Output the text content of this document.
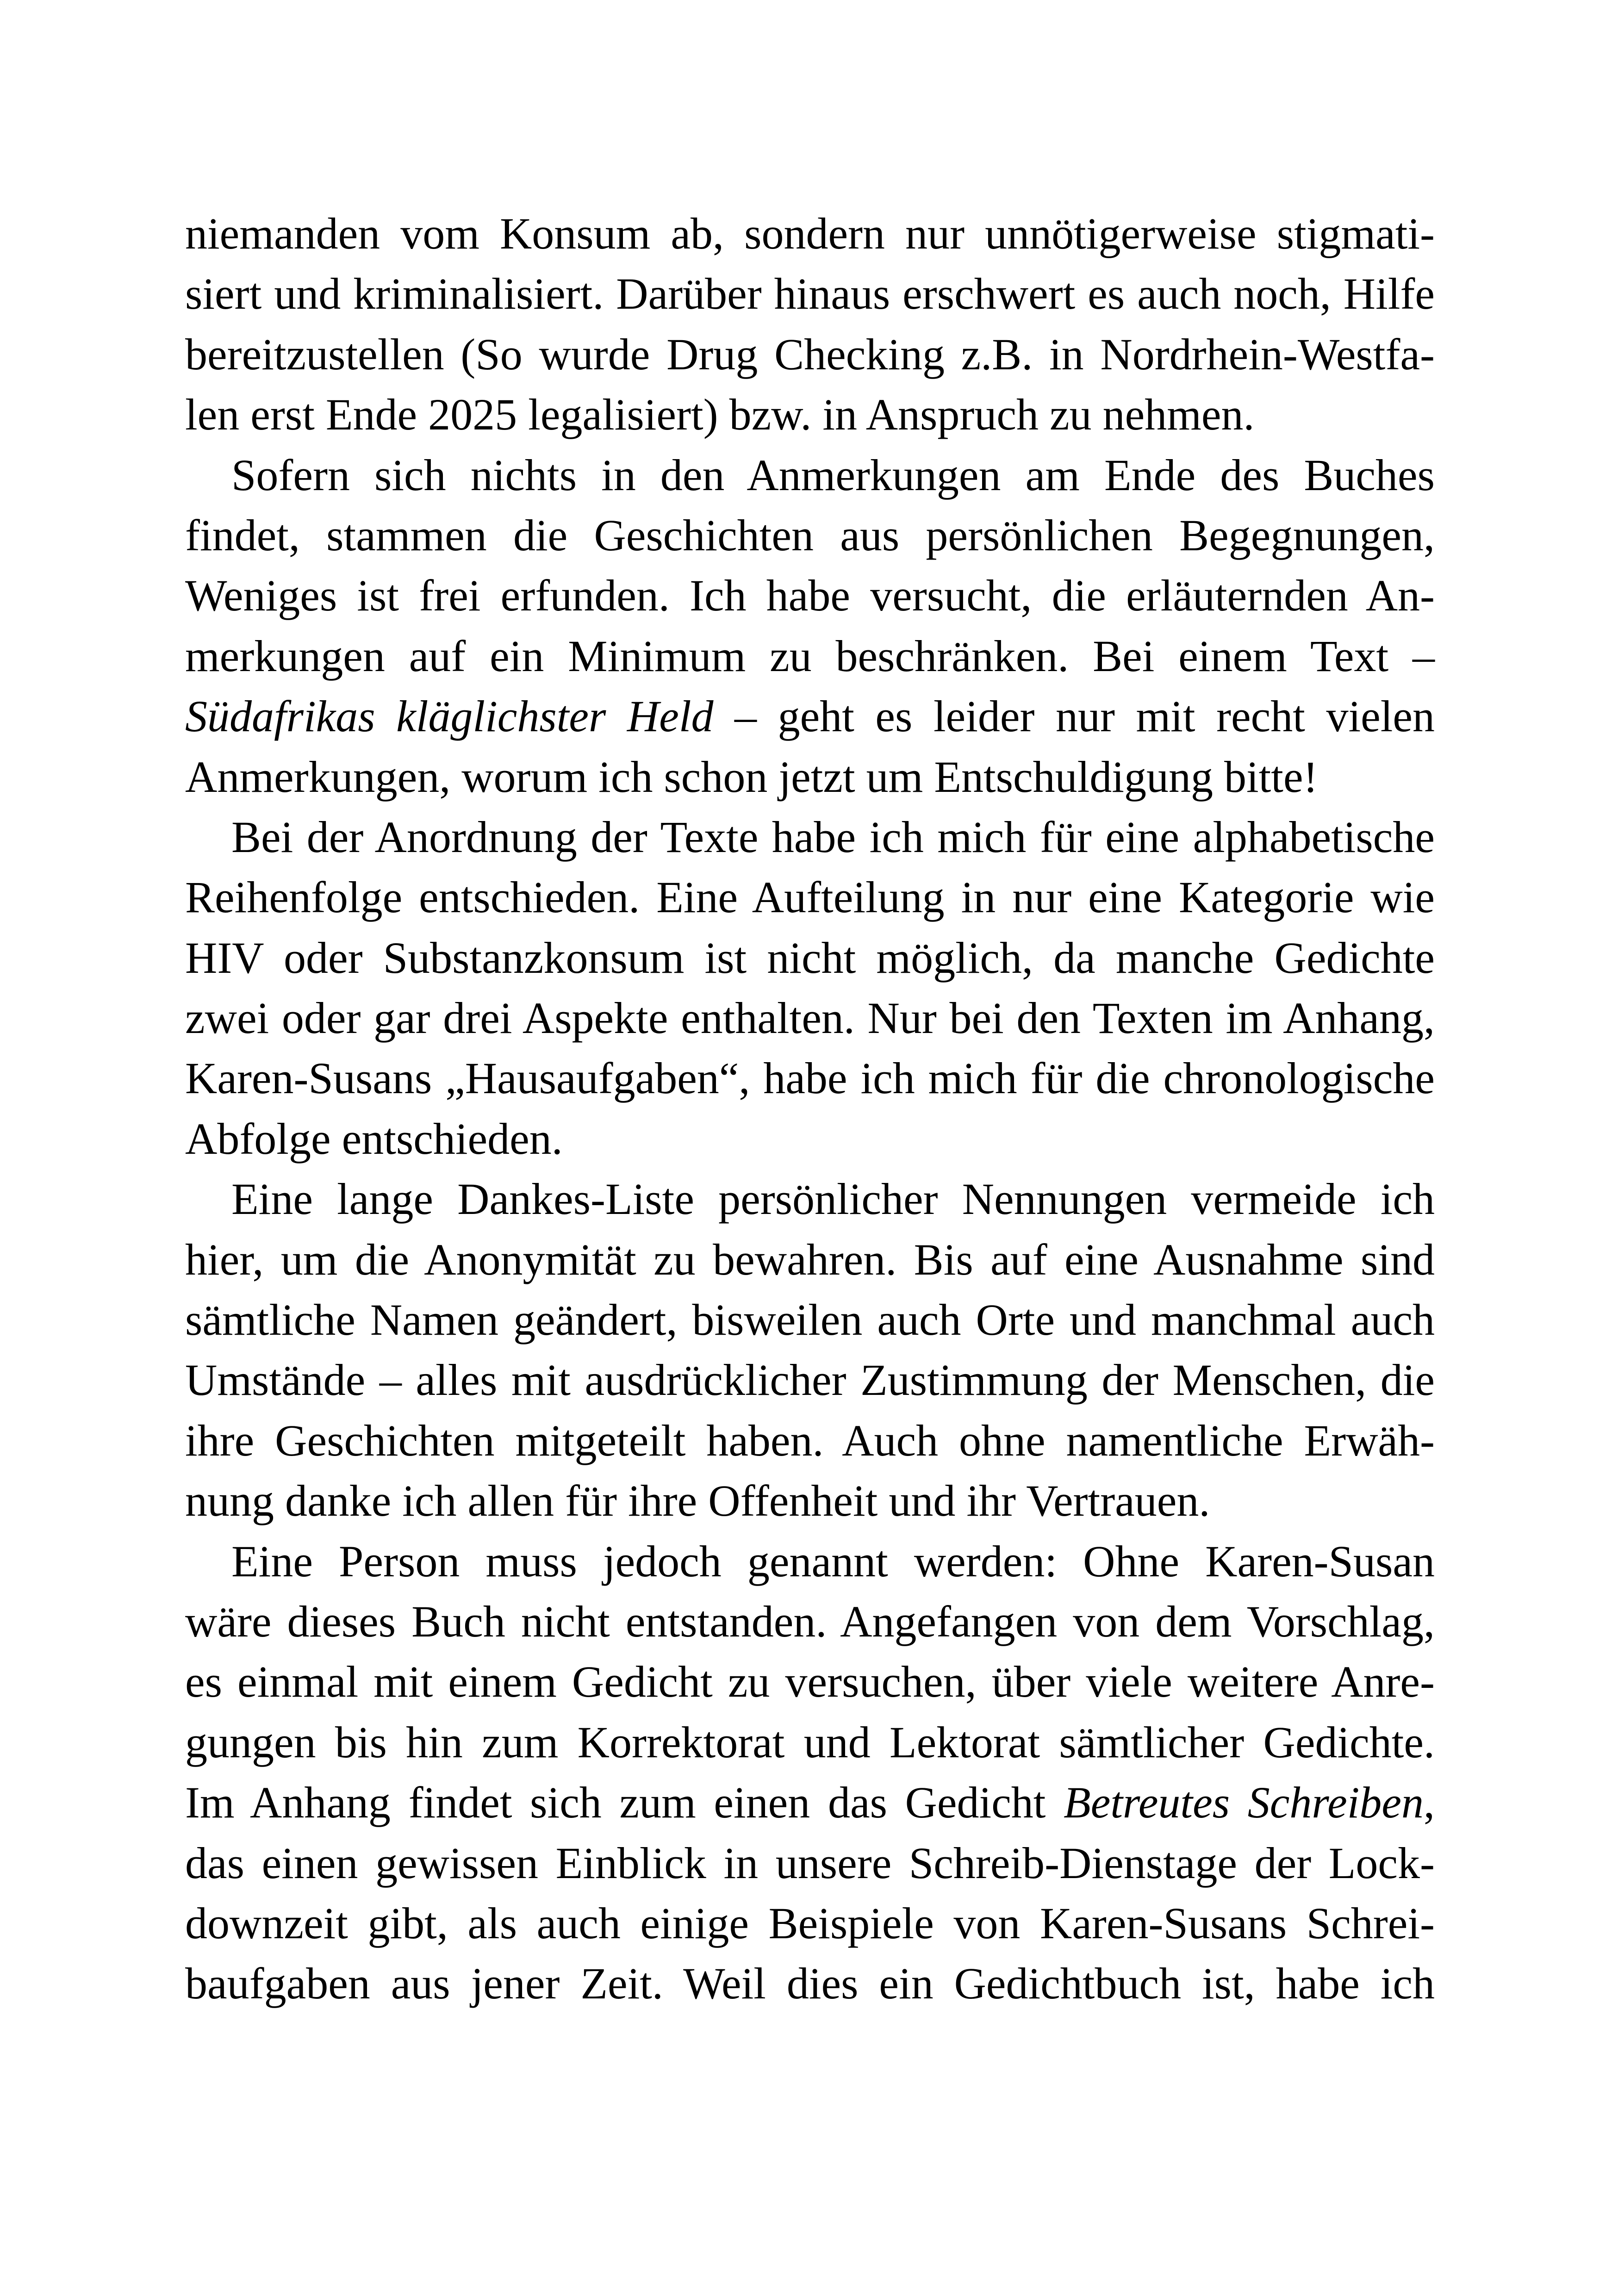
niemanden vom Konsum ab, sondern nur unnötigerweise stigmati-
siert und kriminalisiert. Darüber hinaus erschwert es auch noch, Hilfe
bereitzustellen (So wurde Drug Checking z.B. in Nordrhein-Westfa-
len erst Ende 2025 legalisiert) bzw. in Anspruch zu nehmen.
Sofern sich nichts in den Anmerkungen am Ende des Buches
findet, stammen die Geschichten aus persönlichen Begegnungen,
Weniges ist frei erfunden. Ich habe versucht, die erläuternden An-
merkungen auf ein Minimum zu beschränken. Bei einem Text –
Südafrikas kläglichster Held – geht es leider nur mit recht vielen
Anmerkungen, worum ich schon jetzt um Entschuldigung bitte!
Bei der Anordnung der Texte habe ich mich für eine alphabetische
Reihenfolge entschieden. Eine Aufteilung in nur eine Kategorie wie
HIV oder Substanzkonsum ist nicht möglich, da manche Gedichte
zwei oder gar drei Aspekte enthalten. Nur bei den Texten im Anhang,
Karen-Susans „Hausaufgaben“, habe ich mich für die chronologische
Abfolge entschieden.
Eine lange Dankes-Liste persönlicher Nennungen vermeide ich
hier, um die Anonymität zu bewahren. Bis auf eine Ausnahme sind
sämtliche Namen geändert, bisweilen auch Orte und manchmal auch
Umstände – alles mit ausdrücklicher Zustimmung der Menschen, die
ihre Geschichten mitgeteilt haben. Auch ohne namentliche Erwäh-
nung danke ich allen für ihre Offenheit und ihr Vertrauen.
Eine Person muss jedoch genannt werden: Ohne Karen-Susan
wäre dieses Buch nicht entstanden. Angefangen von dem Vorschlag,
es einmal mit einem Gedicht zu versuchen, über viele weitere Anre-
gungen bis hin zum Korrektorat und Lektorat sämtlicher Gedichte.
Im Anhang findet sich zum einen das Gedicht Betreutes Schreiben,
das einen gewissen Einblick in unsere Schreib-Dienstage der Lock-
downzeit gibt, als auch einige Beispiele von Karen-Susans Schrei-
baufgaben aus jener Zeit. Weil dies ein Gedichtbuch ist, habe ich
